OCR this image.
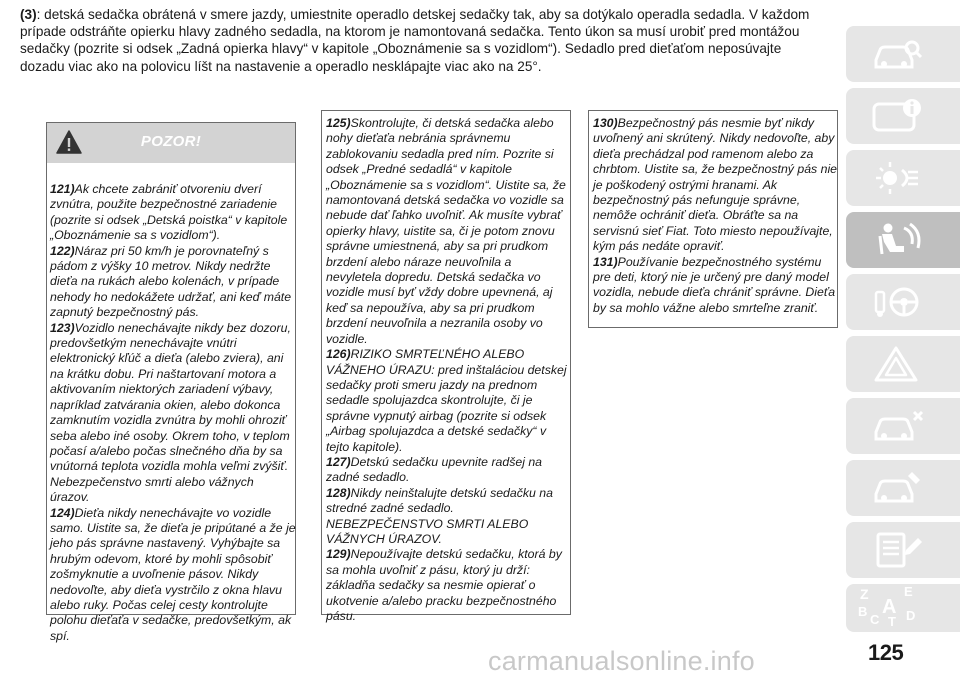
(3): detská sedačka obrátená v smere jazdy, umiestnite operadlo detskej sedačky tak, aby sa dotýkalo operadla sedadla. V každom prípade odstráňte opierku hlavy zadného sedadla, na ktorom je namontovaná sedačka. Tento úkon sa musí urobiť pred montážou sedačky (pozrite si odsek „Zadná opierka hlavy“ v kapitole „Oboznámenie sa s vozidlom“). Sedadlo pred dieťaťom neposúvajte dozadu viac ako na polovicu líšt na nastavenie a operadlo nesklápajte viac ako na 25°.

POZOR!

121)Ak chcete zabrániť otvoreniu dverí zvnútra, použite bezpečnostné zariadenie (pozrite si odsek „Detská poistka“ v kapitole „Oboznámenie sa s vozidlom“).

122)Náraz pri 50 km/h je porovnateľný s pádom z výšky 10 metrov. Nikdy nedržte dieťa na rukách alebo kolenách, v prípade nehody ho nedokážete udržať, ani keď máte zapnutý bezpečnostný pás.

123)Vozidlo nenechávajte nikdy bez dozoru, predovšetkým nenechávajte vnútri elektronický kľúč a dieťa (alebo zviera), ani na krátku dobu. Pri naštartovaní motora a aktivovaním niektorých zariadení výbavy, napríklad zatvárania okien, alebo dokonca zamknutím vozidla zvnútra by mohli ohroziť seba alebo iné osoby. Okrem toho, v teplom počasí a/alebo počas slnečného dňa by sa vnútorná teplota vozidla mohla veľmi zvýšiť. Nebezpečenstvo smrti alebo vážnych úrazov.

124)Dieťa nikdy nenechávajte vo vozidle samo. Uistite sa, že dieťa je pripútané a že je jeho pás správne nastavený. Vyhýbajte sa hrubým odevom, ktoré by mohli spôsobiť zošmyknutie a uvoľnenie pásov. Nikdy nedovoľte, aby dieťa vystrčilo z okna hlavu alebo ruky. Počas celej cesty kontrolujte polohu dieťaťa v sedačke, predovšetkým, ak spí.

125)Skontrolujte, či detská sedačka alebo nohy dieťaťa nebránia správnemu zablokovaniu sedadla pred ním. Pozrite si odsek „Predné sedadlá“ v kapitole „Oboznámenie sa s vozidlom“. Uistite sa, že namontovaná detská sedačka vo vozidle sa nebude dať ľahko uvoľniť. Ak musíte vybrať opierky hlavy, uistite sa, či je potom znovu správne umiestnená, aby sa pri prudkom brzdení alebo náraze neuvoľnila a nevyletela dopredu. Detská sedačka vo vozidle musí byť vždy dobre upevnená, aj keď sa nepoužíva, aby sa pri prudkom brzdení neuvoľnila a nezranila osoby vo vozidle.

126)RIZIKO SMRTEĽNÉHO ALEBO VÁŽNEHO ÚRAZU: pred inštaláciou detskej sedačky proti smeru jazdy na prednom sedadle spolujazdca skontrolujte, či je správne vypnutý airbag (pozrite si odsek „Airbag spolujazdca a detské sedačky“ v tejto kapitole).

127)Detskú sedačku upevnite radšej na zadné sedadlo.

128)Nikdy neinštalujte detskú sedačku na stredné zadné sedadlo. NEBEZPEČENSTVO SMRTI ALEBO VÁŽNYCH ÚRAZOV.

129)Nepoužívajte detskú sedačku, ktorá by sa mohla uvoľniť z pásu, ktorý ju drží: základňa sedačky sa nesmie opierať o ukotvenie a/alebo pracku bezpečnostného pásu.

130)Bezpečnostný pás nesmie byť nikdy uvoľnený ani skrútený. Nikdy nedovoľte, aby dieťa prechádzal pod ramenom alebo za chrbtom. Uistite sa, že bezpečnostný pás nie je poškodený ostrými hranami. Ak bezpečnostný pás nefunguje správne, nemôže ochrániť dieťa. Obráťte sa na servisnú sieť Fiat. Toto miesto nepoužívajte, kým pás nedáte opraviť.

131)Používanie bezpečnostného systému pre deti, ktorý nie je určený pre daný model vozidla, nebude dieťa chrániť správne. Dieťa by sa mohlo vážne alebo smrteľne zraniť.

Z	E
A
B
C T D
125
carmanualsonline.info
